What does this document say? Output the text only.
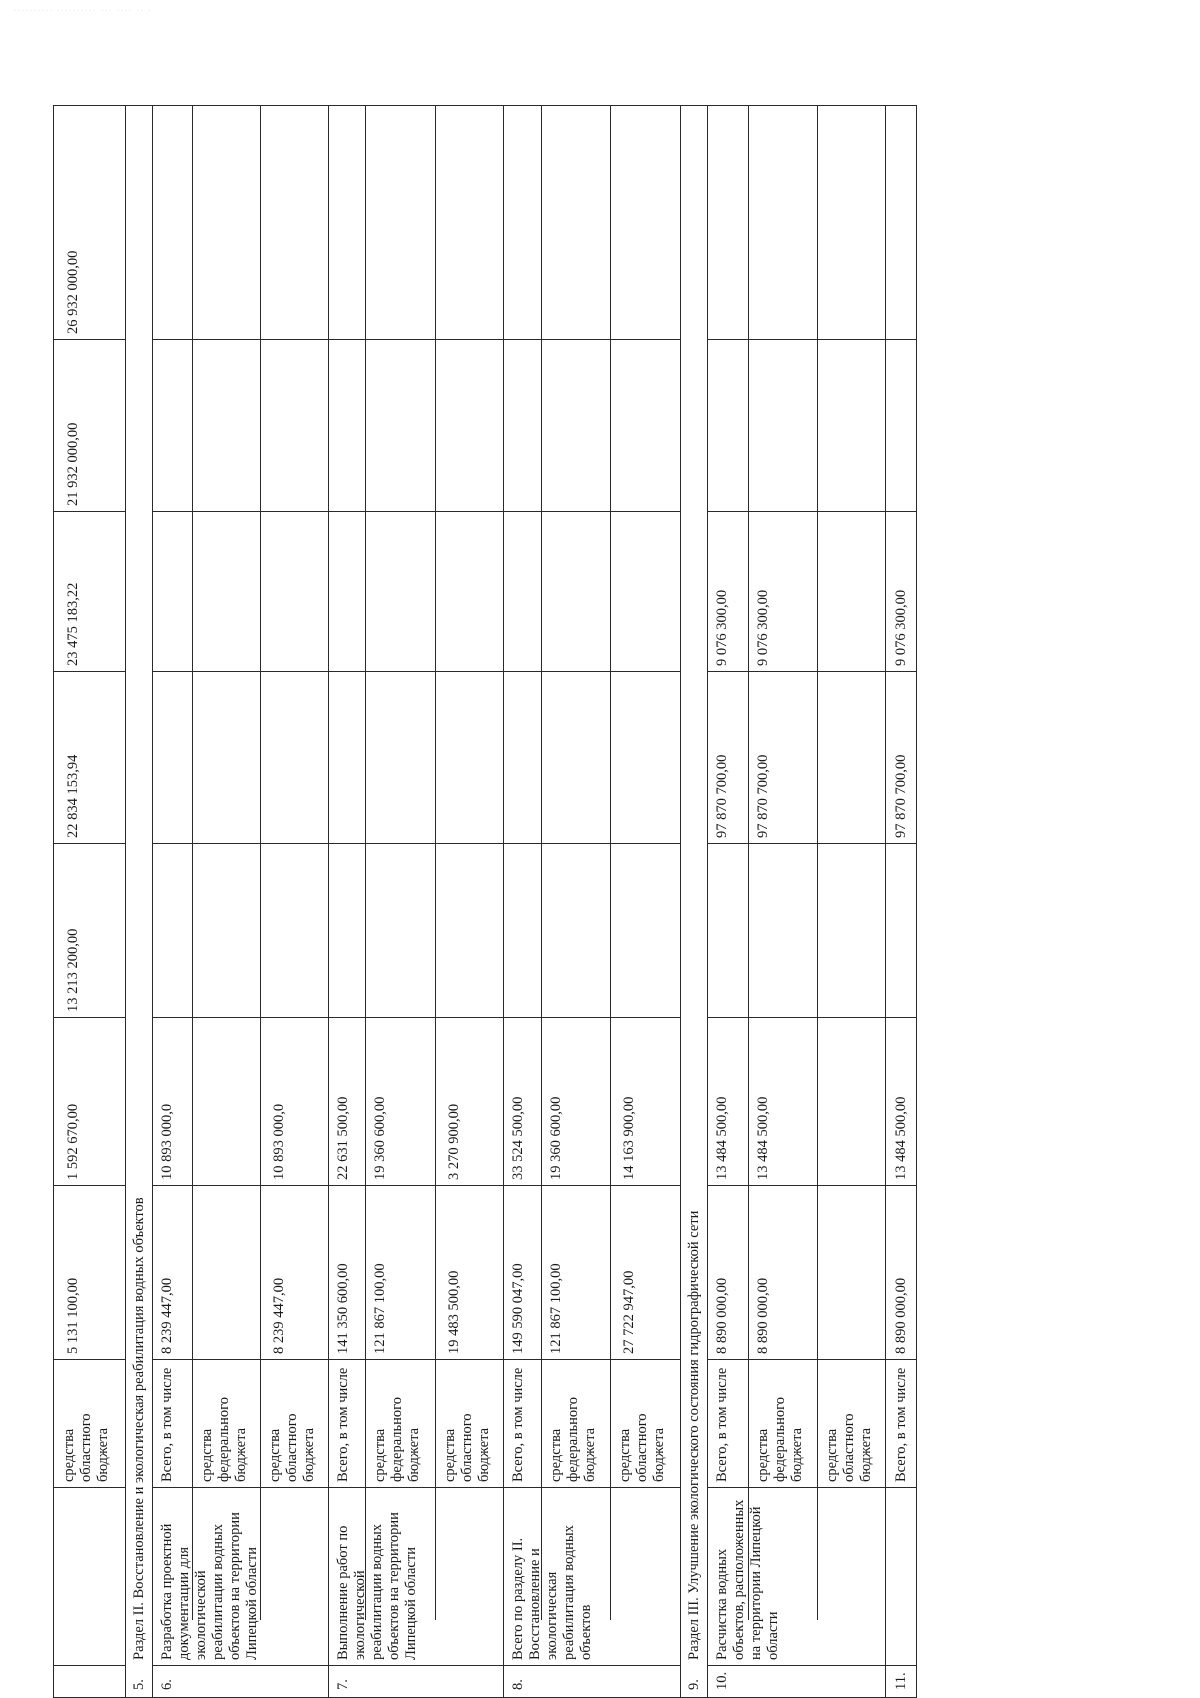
·········· ·········· ··· ···· ·· ·
средства
областного
бюджета
5 131 100,00
1 592 670,00
13 213 200,00
22 834 153,94
23 475 183,22
21 932 000,00
26 932 000,00
5.
Раздел II. Восстановление и экологическая реабилитация водных объектов
6.
Разработка проектной
документации для
экологической
реабилитации водных
объектов на территории
Липецкой области
Всего, в том числе
8 239 447,00
10 893 000,0
средства
федерального
бюджета средства
областного
бюджета
8 239 447,00
10 893 000,0
7.
Выполнение работ по
экологической
реабилитации водных
объектов на территории
Липецкой области
Всего, в том числе
141 350 600,00
22 631 500,00
средства
федерального
бюджета
121 867 100,00
19 360 600,00
средства
областного
бюджета
19 483 500,00
3 270 900,00
8.
Всего по разделу II.
Восстановление и
экологическая
реабилитация водных
объектов
Всего, в том числе
149 590 047,00
33 524 500,00
средства
федерального
бюджета
121 867 100,00
19 360 600,00
средства
областного
бюджета
27 722 947,00
14 163 900,00
9.
Раздел III. Улучшение экологического состояния гидрографической сети
10.
Расчистка водных
объектов, расположенных
на территории Липецкой
области
Всего, в том числе
8 890 000,00
13 484 500,00
97 870 700,00
9 076 300,00
средства
федерального
бюджета
8 890 000,00
13 484 500,00
97 870 700,00
9 076 300,00
средства
областного
бюджета
11.
Всего, в том числе
8 890 000,00
13 484 500,00
97 870 700,00
9 076 300,00
